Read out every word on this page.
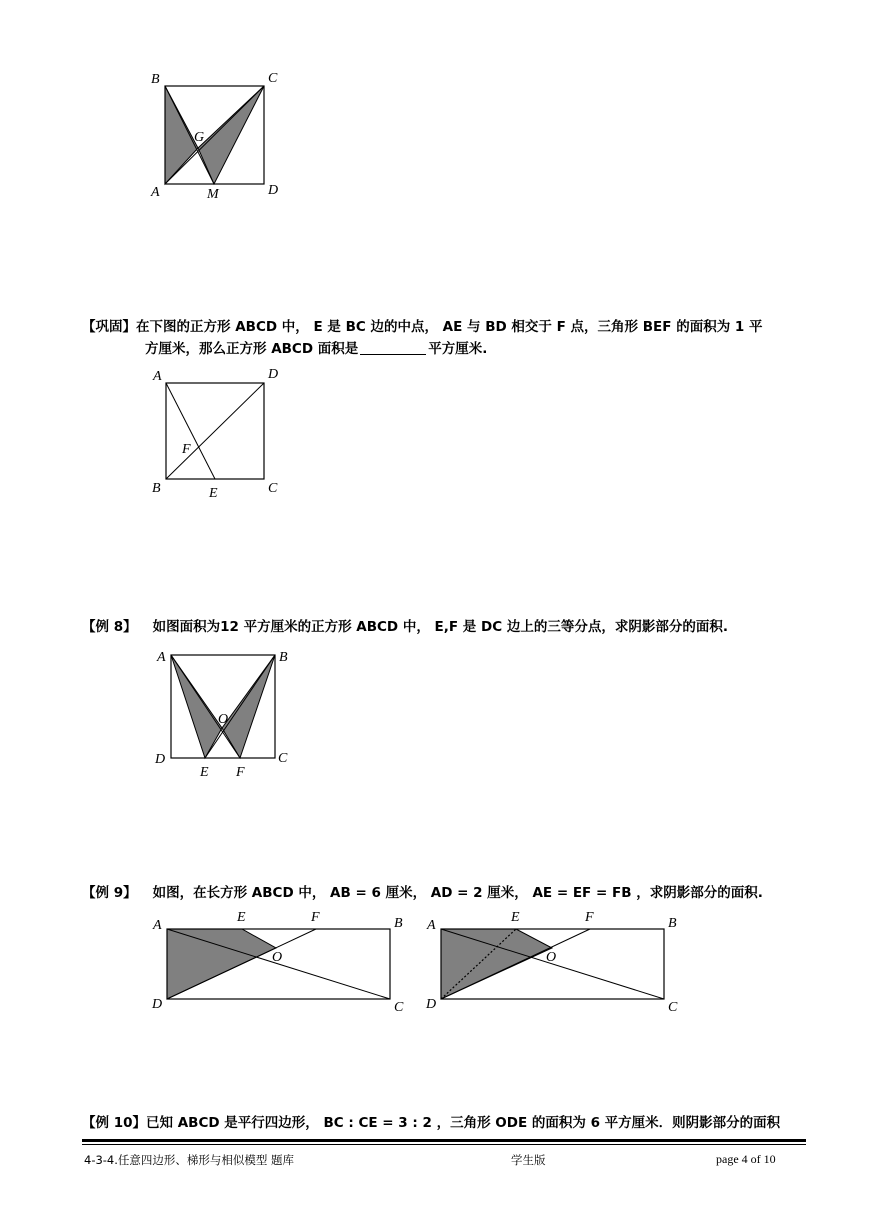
B	C
G
A	M	D
【巩固】在下图的正方形 ABCD 中， E 是 BC 边的中点， AE 与 BD 相交于 F 点，三角形 BEF 的面积为 1 平
方厘米，那么正方形 ABCD 面积是	平方厘米.
A	D
F
B	E	C
【例 8】 如图面积为12 平方厘米的正方形 ABCD 中， E,F 是 DC 边上的三等分点，求阴影部分的面积.
A	B
O
D	C
E F
【例 9】 如图，在长方形 ABCD 中， AB = 6 厘米， AD = 2 厘米， AE = EF = FB ，求阴影部分的面积.
A
E	F	B
O
D	C
A
E	F	B
O
D	C
【例 10】已知 ABCD 是平行四边形， BC : CE = 3 : 2 ，三角形 ODE 的面积为 6 平方厘米．则阴影部分的面积
4-3-4.任意四边形、梯形与相似模型 题库	学生版	page 4 of 10
